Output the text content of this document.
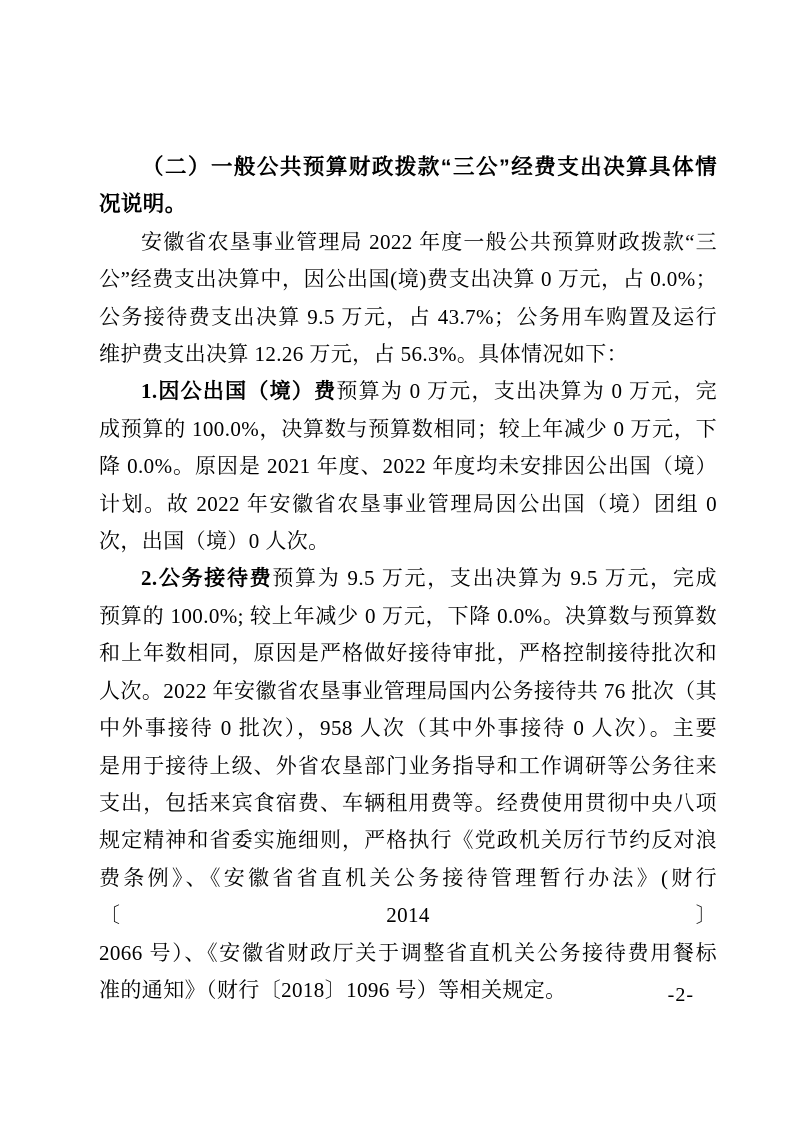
（二）一般公共预算财政拨款“三公”经费支出决算具体情
况说明。

安徽省农垦事业管理局 2022 年度一般公共预算财政拨款“三

公”经费支出决算中，因公出国(境)费支出决算 0 万元，占 0.0%；

公务接待费支出决算 9.5 万元，占 43.7%；公务用车购置及运行

维护费支出决算 12.26 万元，占 56.3%。具体情况如下：

1.因公出国（境）费预算为 0 万元，支出决算为 0 万元，完

成预算的 100.0%，决算数与预算数相同；较上年减少 0 万元，下

降 0.0%。原因是 2021 年度、2022 年度均未安排因公出国（境）

计划。故 2022 年安徽省农垦事业管理局因公出国（境）团组 0

次，出国（境）0 人次。

2.公务接待费预算为 9.5 万元，支出决算为 9.5 万元，完成

预算的 100.0%; 较上年减少 0 万元，下降 0.0%。决算数与预算数

和上年数相同，原因是严格做好接待审批，严格控制接待批次和

人次。2022 年安徽省农垦事业管理局国内公务接待共 76 批次（其

中外事接待 0 批次），958 人次（其中外事接待 0 人次）。主要

是用于接待上级、外省农垦部门业务指导和工作调研等公务往来

支出，包括来宾食宿费、车辆租用费等。经费使用贯彻中央八项

规定精神和省委实施细则，严格执行《党政机关厉行节约反对浪

费条例》、《安徽省省直机关公务接待管理暂行办法》(财行〔2014〕

2066 号）、《安徽省财政厅关于调整省直机关公务接待费用餐标

准的通知》（财行〔2018〕1096 号）等相关规定。	-2-
